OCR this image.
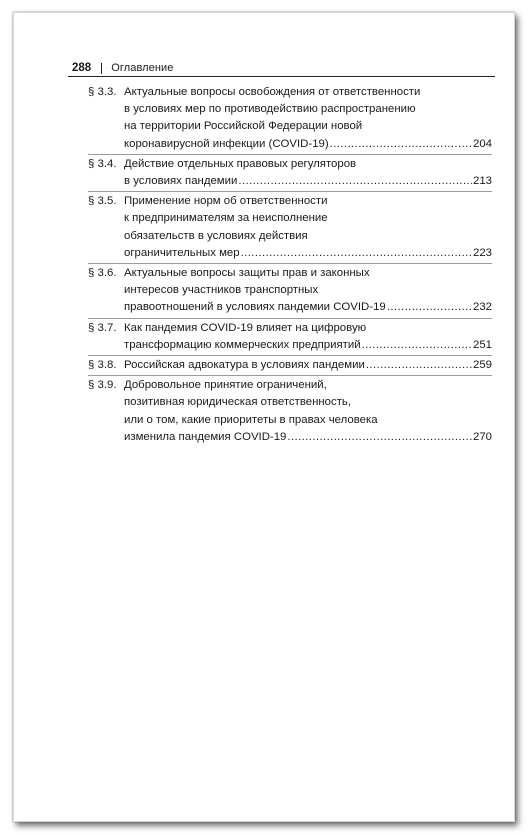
288 Оглавление
§ 3.3. Актуальные вопросы освобождения от ответственности
в условиях мер по противодействию распространению
на территории Российской Федерации новой
коронавирусной инфекции (COVID-19) .....	204
§ 3.4. Действие отдельных правовых регуляторов
в условиях пандемии .....	213
§ 3.5. Применение норм об ответственности
к предпринимателям за неисполнение
обязательств в условиях действия
ограничительных мер .....	223
§ 3.6. Актуальные вопросы защиты прав и законных
интересов участников транспортных
правоотношений в условиях пандемии COVID-19 .....	232
§ 3.7. Как пандемия COVID-19 влияет на цифровую
трансформацию коммерческих предприятий .....	251
§ 3.8. Российская адвокатура в условиях пандемии .....	259
§ 3.9. Добровольное принятие ограничений,
позитивная юридическая ответственность,
или о том, какие приоритеты в правах человека
изменила пандемия COVID-19 .....	270
